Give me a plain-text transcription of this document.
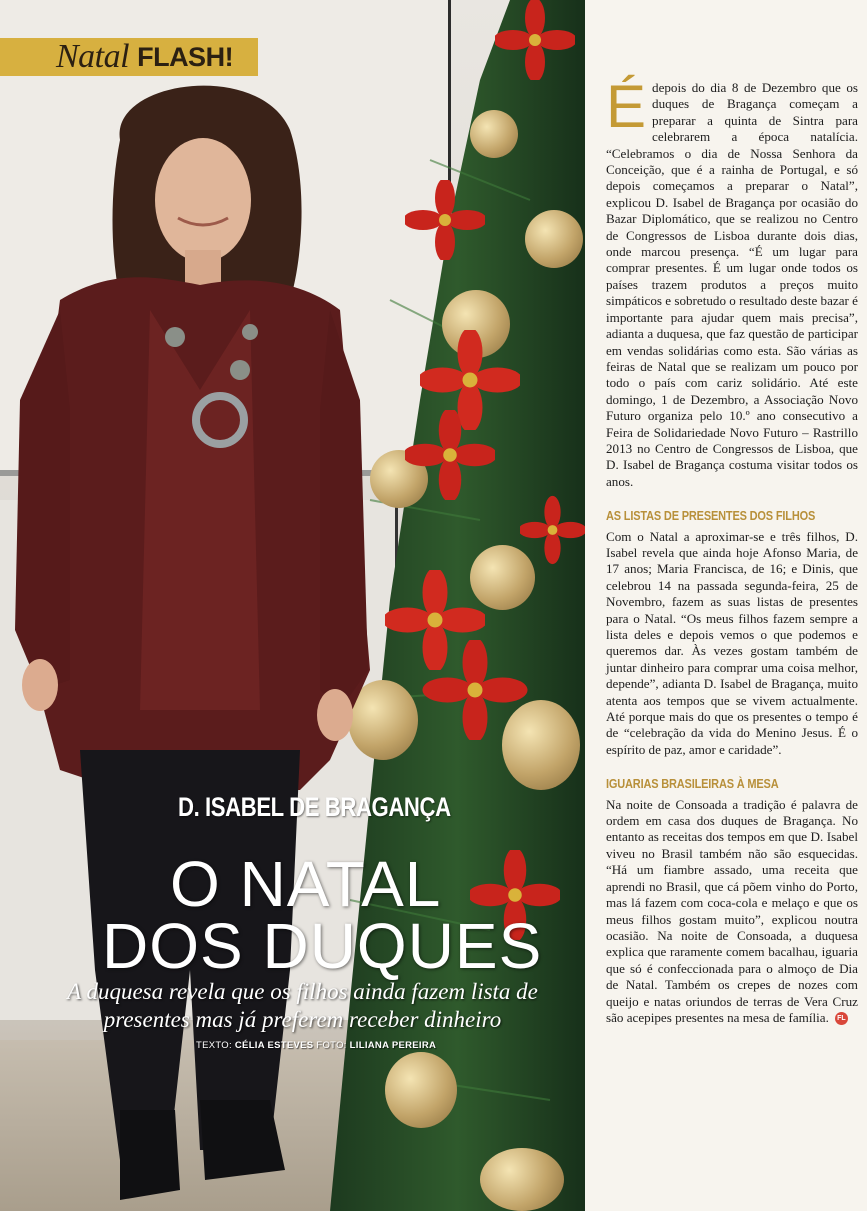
Natal FLASH!
D. ISABEL DE BRAGANÇA
O NATAL
DOS DUQUES
A duquesa revela que os filhos ainda fazem lista de presentes mas já preferem receber dinheiro
TEXTO: CÉLIA ESTEVES FOTO: LILIANA PEREIRA

É depois do dia 8 de Dezembro que os duques de Bragança começam a preparar a quinta de Sintra para celebrarem a época natalícia. “Celebramos o dia de Nossa Senhora da Conceição, que é a rainha de Portugal, e só depois começamos a preparar o Natal”, explicou D. Isabel de Bragança por ocasião do Bazar Diplomático, que se realizou no Centro de Congressos de Lisboa durante dois dias, onde marcou presença. “É um lugar para comprar presentes. É um lugar onde todos os países trazem produtos a preços muito simpáticos e sobretudo o resultado deste bazar é importante para ajudar quem mais precisa”, adianta a duquesa, que faz questão de participar em vendas solidárias como esta. São várias as feiras de Natal que se realizam um pouco por todo o país com cariz solidário. Até este domingo, 1 de Dezembro, a Associação Novo Futuro organiza pelo 10.º ano consecutivo a Feira de Solidariedade Novo Futuro – Rastrillo 2013 no Centro de Congressos de Lisboa, que D. Isabel de Bragança costuma visitar todos os anos.

AS LISTAS DE PRESENTES DOS FILHOS

Com o Natal a aproximar-se e três filhos, D. Isabel revela que ainda hoje Afonso Maria, de 17 anos; Maria Francisca, de 16; e Dinis, que celebrou 14 na passada segunda-feira, 25 de Novembro, fazem as suas listas de presentes para o Natal. “Os meus filhos fazem sempre a lista deles e depois vemos o que podemos e queremos dar. Às vezes gostam também de juntar dinheiro para comprar uma coisa melhor, depende”, adianta D. Isabel de Bragança, muito atenta aos tempos que se vivem actualmente. Até porque mais do que os presentes o tempo é de “celebração da vida do Menino Jesus. É o espírito de paz, amor e caridade”.

IGUARIAS BRASILEIRAS À MESA

Na noite de Consoada a tradição é palavra de ordem em casa dos duques de Bragança. No entanto as receitas dos tempos em que D. Isabel viveu no Brasil também não são esquecidas. “Há um fiambre assado, uma receita que aprendi no Brasil, que cá põem vinho do Porto, mas lá fazem com coca-cola e melaço e que os meus filhos gostam muito”, explicou noutra ocasião. Na noite de Consoada, a duquesa explica que raramente comem bacalhau, iguaria que só é confeccionada para o almoço de Dia de Natal. Também os crepes de nozes com queijo e natas oriundos de terras de Vera Cruz são acepipes presentes na mesa de família. FL
